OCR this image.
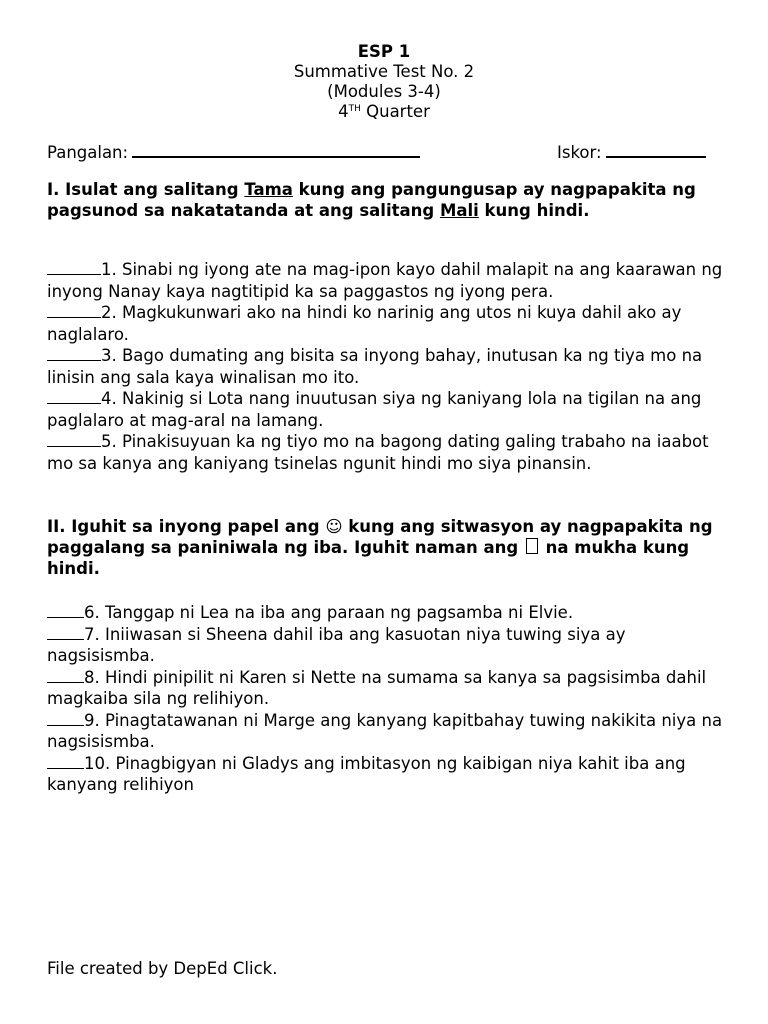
ESP 1
Summative Test No. 2
(Modules 3-4)
4TH Quarter
Pangalan:	Iskor:
I. Isulat ang salitang Tama kung ang pangungusap ay nagpapakita ng pagsunod sa nakatatanda at ang salitang Mali kung hindi.
1. Sinabi ng iyong ate na mag-ipon kayo dahil malapit na ang kaarawan ng inyong Nanay kaya nagtitipid ka sa paggastos ng iyong pera.
2. Magkukunwari ako na hindi ko narinig ang utos ni kuya dahil ako ay naglalaro.
3. Bago dumating ang bisita sa inyong bahay, inutusan ka ng tiya mo na linisin ang sala kaya winalisan mo ito.
4. Nakinig si Lota nang inuutusan siya ng kaniyang lola na tigilan na ang paglalaro at mag-aral na lamang.
5. Pinakisuyuan ka ng tiyo mo na bagong dating galing trabaho na iaabot mo sa kanya ang kaniyang tsinelas ngunit hindi mo siya pinansin.
II. Iguhit sa inyong papel ang ☺ kung ang sitwasyon ay nagpapakita ng paggalang sa paniniwala ng iba. Iguhit naman ang  na mukha kung hindi.
6. Tanggap ni Lea na iba ang paraan ng pagsamba ni Elvie.
7. Iniiwasan si Sheena dahil iba ang kasuotan niya tuwing siya ay nagsisismba.
8. Hindi pinipilit ni Karen si Nette na sumama sa kanya sa pagsisimba dahil magkaiba sila ng relihiyon.
9. Pinagtatawanan ni Marge ang kanyang kapitbahay tuwing nakikita niya na nagsisismba.
10. Pinagbigyan ni Gladys ang imbitasyon ng kaibigan niya kahit iba ang kanyang relihiyon
File created by DepEd Click.
